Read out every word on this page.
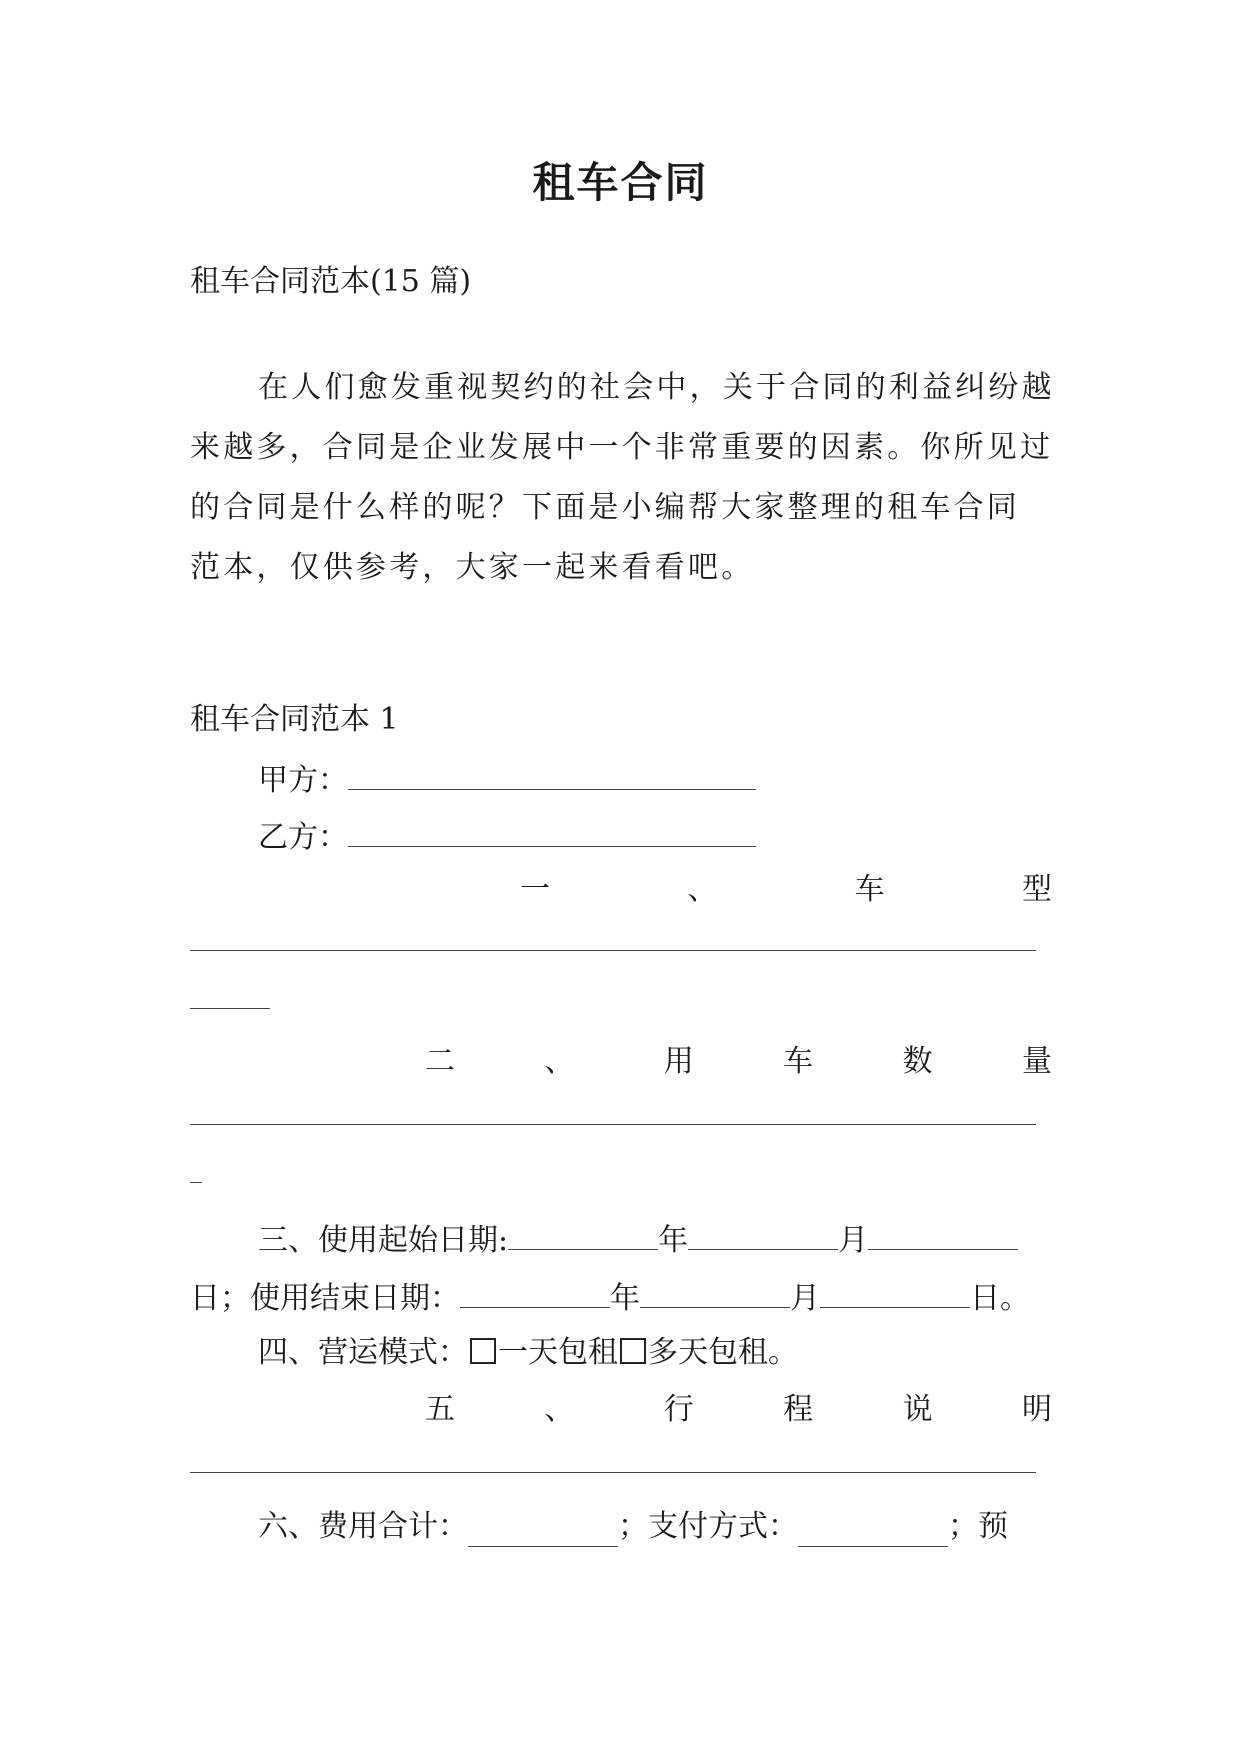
租车合同
租车合同范本(15 篇)
在人们愈发重视契约的社会中，关于合同的利益纠纷越
来越多，合同是企业发展中一个非常重要的因素。你所见过
的合同是什么样的呢？下面是小编帮大家整理的租车合同
范本，仅供参考，大家一起来看看吧。
租车合同范本 1
甲方：
乙方：
一	、	车	型
二	、	用	车	数	量
三、使用起始日期:	年	月
日；使用结束日期：	年	月	日。
四、营运模式： 一天包租 多天包租。
五	、	行	程	说	明
六、费用合计：	；支付方式：	；预
